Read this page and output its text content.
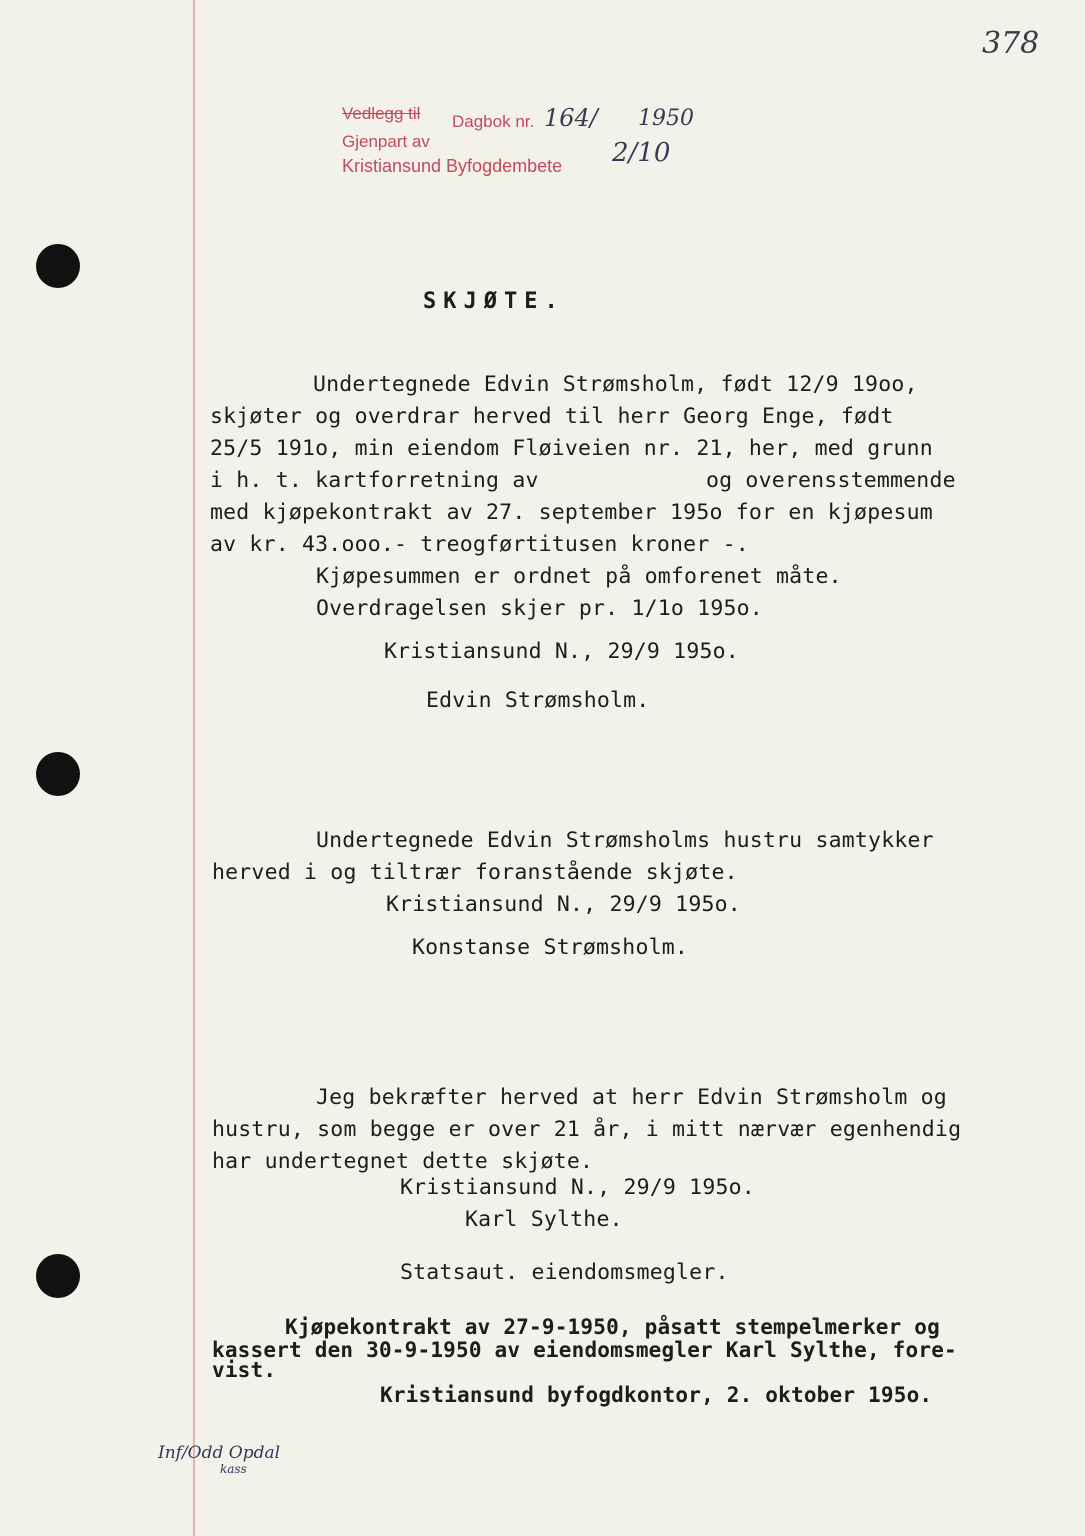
378
Vedlegg til Dagbok nr.
Gjenpart av
Kristiansund Byfogdembete
164/ 1950
2/10
SKJØTE.
Undertegnede Edvin Strømsholm, født 12/9 19oo,
skjøter og overdrar herved til herr Georg Enge, født
25/5 191o, min eiendom Fløiveien nr. 21, her, med grunn
i h. t. kartforretning av	og overensstemmende
med kjøpekontrakt av 27. september 195o for en kjøpesum
av kr. 43.ooo.- treogførtitusen kroner -.
Kjøpesummen er ordnet på omforenet måte.
Overdragelsen skjer pr. 1/1o 195o.
Kristiansund N., 29/9 195o.
Edvin Strømsholm.
Undertegnede Edvin Strømsholms hustru samtykker
herved i og tiltrær foranstående skjøte.
Kristiansund N., 29/9 195o.
Konstanse Strømsholm.
Jeg bekræfter herved at herr Edvin Strømsholm og
hustru, som begge er over 21 år, i mitt nærvær egenhendig
har undertegnet dette skjøte.
Kristiansund N., 29/9 195o.
Karl Sylthe.
Statsaut. eiendomsmegler.
Kjøpekontrakt av 27-9-1950, påsatt stempelmerker og
kassert den 30-9-1950 av eiendomsmegler Karl Sylthe, fore-
vist.
Kristiansund byfogdkontor, 2. oktober 195o.
Inf/Odd Opdal
kass
